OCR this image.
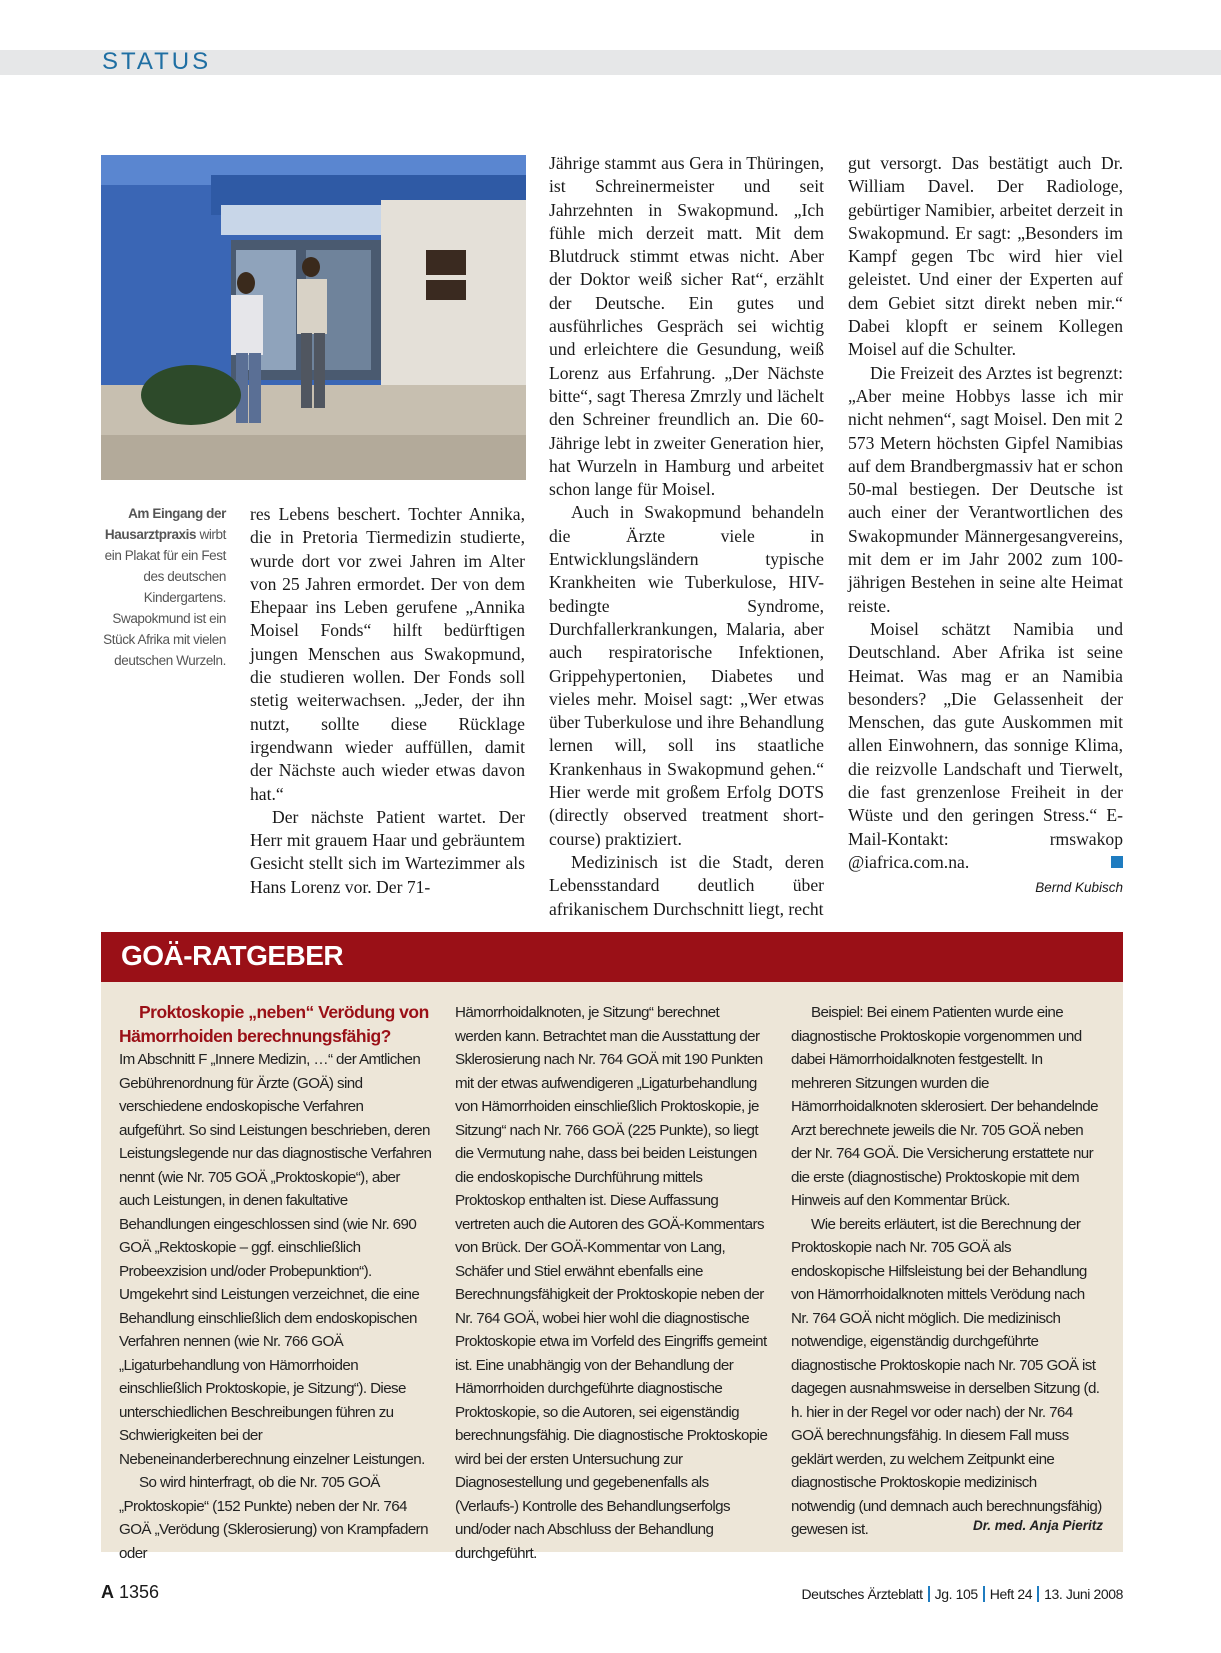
STATUS
Am Eingang der Hausarztpraxis wirbt ein Plakat für ein Fest des deutschen Kindergartens. Swapokmund ist ein Stück Afrika mit vielen deutschen Wurzeln.

res Lebens beschert. Tochter Annika, die in Pretoria Tiermedizin studierte, wurde dort vor zwei Jahren im Alter von 25 Jahren ermordet. Der von dem Ehepaar ins Leben gerufene „Annika Moisel Fonds“ hilft bedürftigen jungen Menschen aus Swakopmund, die studieren wollen. Der Fonds soll stetig weiterwachsen. „Jeder, der ihn nutzt, sollte diese Rücklage irgendwann wieder auffüllen, damit der Nächste auch wieder etwas davon hat.“

Der nächste Patient wartet. Der Herr mit grauem Haar und gebräuntem Gesicht stellt sich im Wartezimmer als Hans Lorenz vor. Der 71-

Jährige stammt aus Gera in Thüringen, ist Schreinermeister und seit Jahrzehnten in Swakopmund. „Ich fühle mich derzeit matt. Mit dem Blutdruck stimmt etwas nicht. Aber der Doktor weiß sicher Rat“, erzählt der Deutsche. Ein gutes und ausführliches Gespräch sei wichtig und erleichtere die Gesundung, weiß Lorenz aus Erfahrung. „Der Nächste bitte“, sagt Theresa Zmrzly und lächelt den Schreiner freundlich an. Die 60-Jährige lebt in zweiter Generation hier, hat Wurzeln in Hamburg und arbeitet schon lange für Moisel.

Auch in Swakopmund behandeln die Ärzte viele in Entwicklungsländern typische Krankheiten wie Tuberkulose, HIV-bedingte Syndrome, Durchfallerkrankungen, Malaria, aber auch respiratorische Infektionen, Grippehypertonien, Diabetes und vieles mehr. Moisel sagt: „Wer etwas über Tuberkulose und ihre Behandlung lernen will, soll ins staatliche Krankenhaus in Swakopmund gehen.“ Hier werde mit großem Erfolg DOTS (directly observed treatment short-course) praktiziert.

Medizinisch ist die Stadt, deren Lebensstandard deutlich über afrikanischem Durchschnitt liegt, recht

gut versorgt. Das bestätigt auch Dr. William Davel. Der Radiologe, gebürtiger Namibier, arbeitet derzeit in Swakopmund. Er sagt: „Besonders im Kampf gegen Tbc wird hier viel geleistet. Und einer der Experten auf dem Gebiet sitzt direkt neben mir.“ Dabei klopft er seinem Kollegen Moisel auf die Schulter.

Die Freizeit des Arztes ist begrenzt: „Aber meine Hobbys lasse ich mir nicht nehmen“, sagt Moisel. Den mit 2 573 Metern höchsten Gipfel Namibias auf dem Brandbergmassiv hat er schon 50-mal bestiegen. Der Deutsche ist auch einer der Verantwortlichen des Swakopmunder Männergesangvereins, mit dem er im Jahr 2002 zum 100-jährigen Bestehen in seine alte Heimat reiste.

Moisel schätzt Namibia und Deutschland. Aber Afrika ist seine Heimat. Was mag er an Namibia besonders? „Die Gelassenheit der Menschen, das gute Auskommen mit allen Einwohnern, das sonnige Klima, die reizvolle Landschaft und Tierwelt, die fast grenzenlose Freiheit in der Wüste und den geringen Stress.“ E-Mail-Kontakt: rmswakop @iafrica.com.na.

Bernd Kubisch
GOÄ-RATGEBER

Proktoskopie „neben“ Verödung von Hämorrhoiden berechnungsfähig?

Im Abschnitt F „Innere Medizin, …“ der Amtlichen Gebührenordnung für Ärzte (GOÄ) sind verschiedene endoskopische Verfahren aufgeführt. So sind Leistungen beschrieben, deren Leistungslegende nur das diagnostische Verfahren nennt (wie Nr. 705 GOÄ „Proktoskopie“), aber auch Leistungen, in denen fakultative Behandlungen eingeschlossen sind (wie Nr. 690 GOÄ „Rektoskopie – ggf. einschließlich Probeexzision und/oder Probepunktion“). Umgekehrt sind Leistungen verzeichnet, die eine Behandlung einschließlich dem endoskopischen Verfahren nennen (wie Nr. 766 GOÄ „Ligaturbehandlung von Hämorrhoiden einschließlich Proktoskopie, je Sitzung“). Diese unterschiedlichen Beschreibungen führen zu Schwierigkeiten bei der Nebeneinanderberechnung einzelner Leistungen.

So wird hinterfragt, ob die Nr. 705 GOÄ „Proktoskopie“ (152 Punkte) neben der Nr. 764 GOÄ „Verödung (Sklerosierung) von Krampfadern oder

Hämorrhoidalknoten, je Sitzung“ berechnet werden kann. Betrachtet man die Ausstattung der Sklerosierung nach Nr. 764 GOÄ mit 190 Punkten mit der etwas aufwendigeren „Ligaturbehandlung von Hämorrhoiden einschließlich Proktoskopie, je Sitzung“ nach Nr. 766 GOÄ (225 Punkte), so liegt die Vermutung nahe, dass bei beiden Leistungen die endoskopische Durchführung mittels Proktoskop enthalten ist. Diese Auffassung vertreten auch die Autoren des GOÄ-Kommentars von Brück. Der GOÄ-Kommentar von Lang, Schäfer und Stiel erwähnt ebenfalls eine Berechnungsfähigkeit der Proktoskopie neben der Nr. 764 GOÄ, wobei hier wohl die diagnostische Proktoskopie etwa im Vorfeld des Eingriffs gemeint ist. Eine unabhängig von der Behandlung der Hämorrhoiden durchgeführte diagnostische Proktoskopie, so die Autoren, sei eigenständig berechnungsfähig. Die diagnostische Proktoskopie wird bei der ersten Untersuchung zur Diagnosestellung und gegebenenfalls als (Verlaufs-) Kontrolle des Behandlungserfolgs und/oder nach Abschluss der Behandlung durchgeführt.

Beispiel: Bei einem Patienten wurde eine diagnostische Proktoskopie vorgenommen und dabei Hämorrhoidalknoten festgestellt. In mehreren Sitzungen wurden die Hämorrhoidalknoten sklerosiert. Der behandelnde Arzt berechnete jeweils die Nr. 705 GOÄ neben der Nr. 764 GOÄ. Die Versicherung erstattete nur die erste (diagnostische) Proktoskopie mit dem Hinweis auf den Kommentar Brück.

Wie bereits erläutert, ist die Berechnung der Proktoskopie nach Nr. 705 GOÄ als endoskopische Hilfsleistung bei der Behandlung von Hämorrhoidalknoten mittels Verödung nach Nr. 764 GOÄ nicht möglich. Die medizinisch notwendige, eigenständig durchgeführte diagnostische Proktoskopie nach Nr. 705 GOÄ ist dagegen ausnahmsweise in derselben Sitzung (d. h. hier in der Regel vor oder nach) der Nr. 764 GOÄ berechnungsfähig. In diesem Fall muss geklärt werden, zu welchem Zeitpunkt eine diagnostische Proktoskopie medizinisch notwendig (und demnach auch berechnungsfähig) gewesen ist.	Dr. med. Anja Pieritz
A 1356	Deutsches Ärzteblatt Jg. 105 Heft 24 13. Juni 2008
